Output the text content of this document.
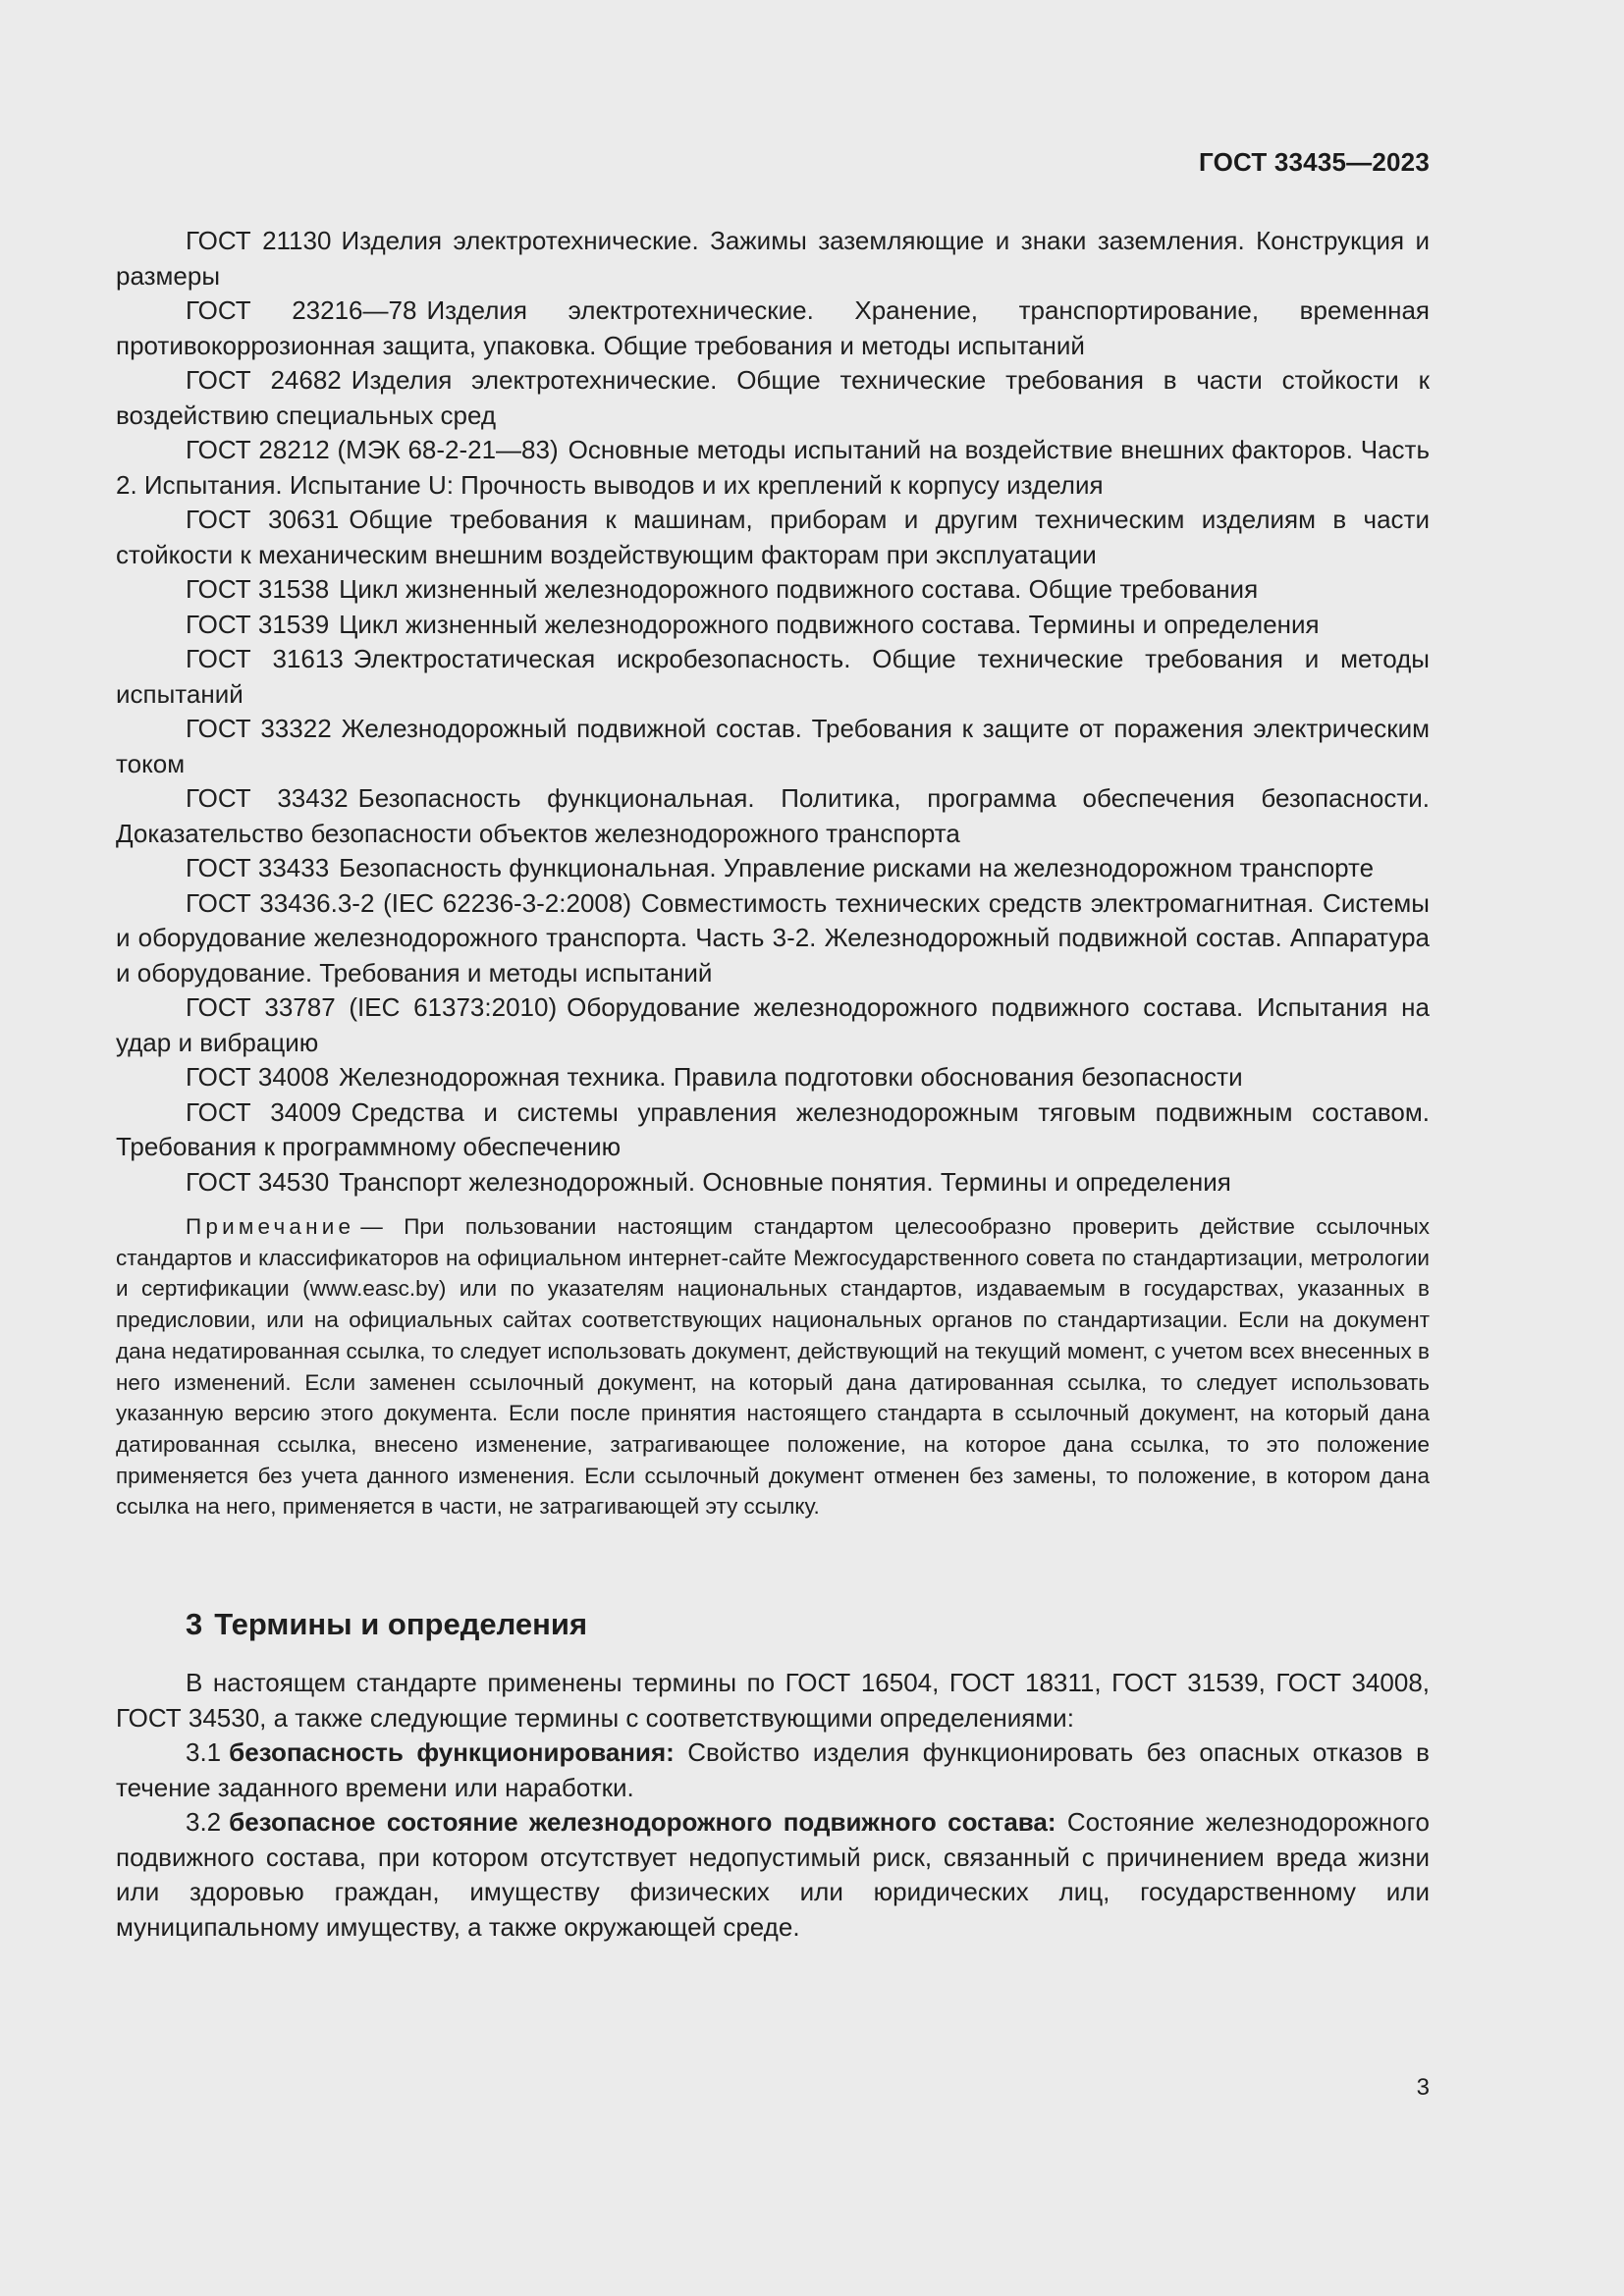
ГОСТ 33435—2023

ГОСТ 21130 Изделия электротехнические. Зажимы заземляющие и знаки заземления. Конструкция и размеры

ГОСТ 23216—78 Изделия электротехнические. Хранение, транспортирование, временная противокоррозионная защита, упаковка. Общие требования и методы испытаний

ГОСТ 24682 Изделия электротехнические. Общие технические требования в части стойкости к воздействию специальных сред

ГОСТ 28212 (МЭК 68-2-21—83) Основные методы испытаний на воздействие внешних факторов. Часть 2. Испытания. Испытание U: Прочность выводов и их креплений к корпусу изделия

ГОСТ 30631 Общие требования к машинам, приборам и другим техническим изделиям в части стойкости к механическим внешним воздействующим факторам при эксплуатации

ГОСТ 31538 Цикл жизненный железнодорожного подвижного состава. Общие требования

ГОСТ 31539 Цикл жизненный железнодорожного подвижного состава. Термины и определения

ГОСТ 31613 Электростатическая искробезопасность. Общие технические требования и методы испытаний

ГОСТ 33322 Железнодорожный подвижной состав. Требования к защите от поражения электрическим током

ГОСТ 33432 Безопасность функциональная. Политика, программа обеспечения безопасности. Доказательство безопасности объектов железнодорожного транспорта

ГОСТ 33433 Безопасность функциональная. Управление рисками на железнодорожном транспорте

ГОСТ 33436.3-2 (IEC 62236-3-2:2008) Совместимость технических средств электромагнитная. Системы и оборудование железнодорожного транспорта. Часть 3-2. Железнодорожный подвижной состав. Аппаратура и оборудование. Требования и методы испытаний

ГОСТ 33787 (IEC 61373:2010) Оборудование железнодорожного подвижного состава. Испытания на удар и вибрацию

ГОСТ 34008 Железнодорожная техника. Правила подготовки обоснования безопасности

ГОСТ 34009 Средства и системы управления железнодорожным тяговым подвижным составом. Требования к программному обеспечению

ГОСТ 34530 Транспорт железнодорожный. Основные понятия. Термины и определения

Примечание — При пользовании настоящим стандартом целесообразно проверить действие ссылочных стандартов и классификаторов на официальном интернет-сайте Межгосударственного совета по стандартизации, метрологии и сертификации (www.easc.by) или по указателям национальных стандартов, издаваемым в государствах, указанных в предисловии, или на официальных сайтах соответствующих национальных органов по стандартизации. Если на документ дана недатированная ссылка, то следует использовать документ, действующий на текущий момент, с учетом всех внесенных в него изменений. Если заменен ссылочный документ, на который дана датированная ссылка, то следует использовать указанную версию этого документа. Если после принятия настоящего стандарта в ссылочный документ, на который дана датированная ссылка, внесено изменение, затрагивающее положение, на которое дана ссылка, то это положение применяется без учета данного изменения. Если ссылочный документ отменен без замены, то положение, в котором дана ссылка на него, применяется в части, не затрагивающей эту ссылку.

3 Термины и определения

В настоящем стандарте применены термины по ГОСТ 16504, ГОСТ 18311, ГОСТ 31539, ГОСТ 34008, ГОСТ 34530, а также следующие термины с соответствующими определениями:

3.1 безопасность функционирования: Свойство изделия функционировать без опасных отказов в течение заданного времени или наработки.

3.2 безопасное состояние железнодорожного подвижного состава: Состояние железнодорожного подвижного состава, при котором отсутствует недопустимый риск, связанный с причинением вреда жизни или здоровью граждан, имуществу физических или юридических лиц, государственному или муниципальному имуществу, а также окружающей среде.

3
